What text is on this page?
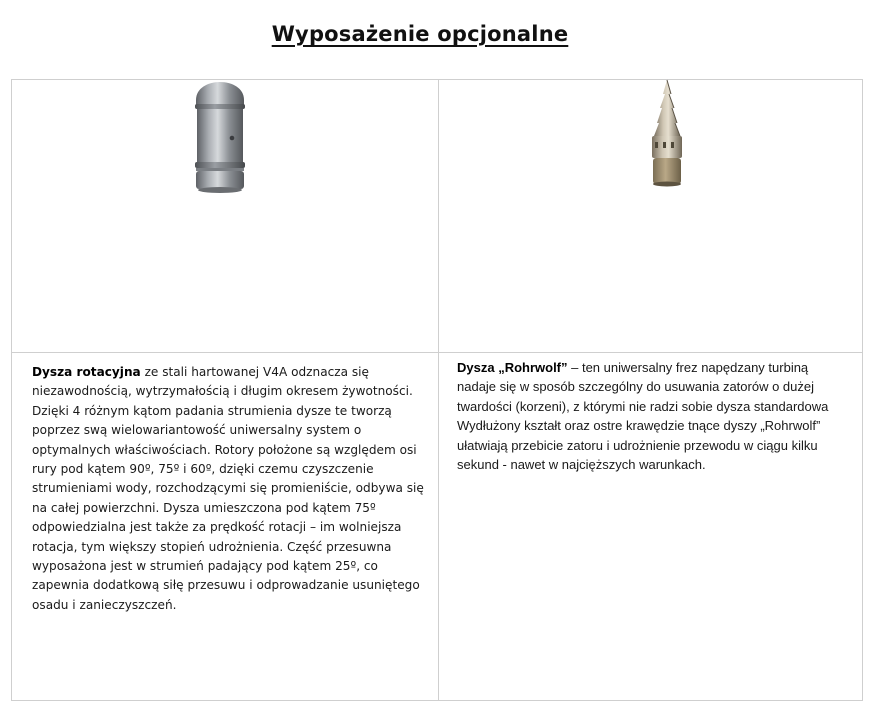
Wyposażenie opcjonalne
Dysza rotacyjna ze stali hartowanej V4A odznacza się niezawodnością, wytrzymałością i długim okresem żywotności. Dzięki 4 różnym kątom padania strumienia dysze te tworzą poprzez swą wielowariantowość uniwersalny system o optymalnych właściwościach. Rotory położone są względem osi rury pod kątem 90º, 75º i 60º, dzięki czemu czyszczenie strumieniami wody, rozchodzącymi się promieniście, odbywa się na całej powierzchni. Dysza umieszczona pod kątem 75º odpowiedzialna jest także za prędkość rotacji – im wolniejsza rotacja, tym większy stopień udrożnienia. Część przesuwna wyposażona jest w strumień padający pod kątem 25º, co zapewnia dodatkową siłę przesuwu i odprowadzanie usuniętego osadu i zanieczyszczeń.
Dysza „Rohrwolf” – ten uniwersalny frez napędzany turbiną nadaje się w sposób szczególny do usuwania zatorów o dużej twardości (korzeni), z którymi nie radzi sobie dysza standardowa Wydłużony kształt oraz ostre krawędzie tnące dyszy „Rohrwolf” ułatwiają przebicie zatoru i udrożnienie przewodu w ciągu kilku sekund - nawet w najcięższych warunkach.
